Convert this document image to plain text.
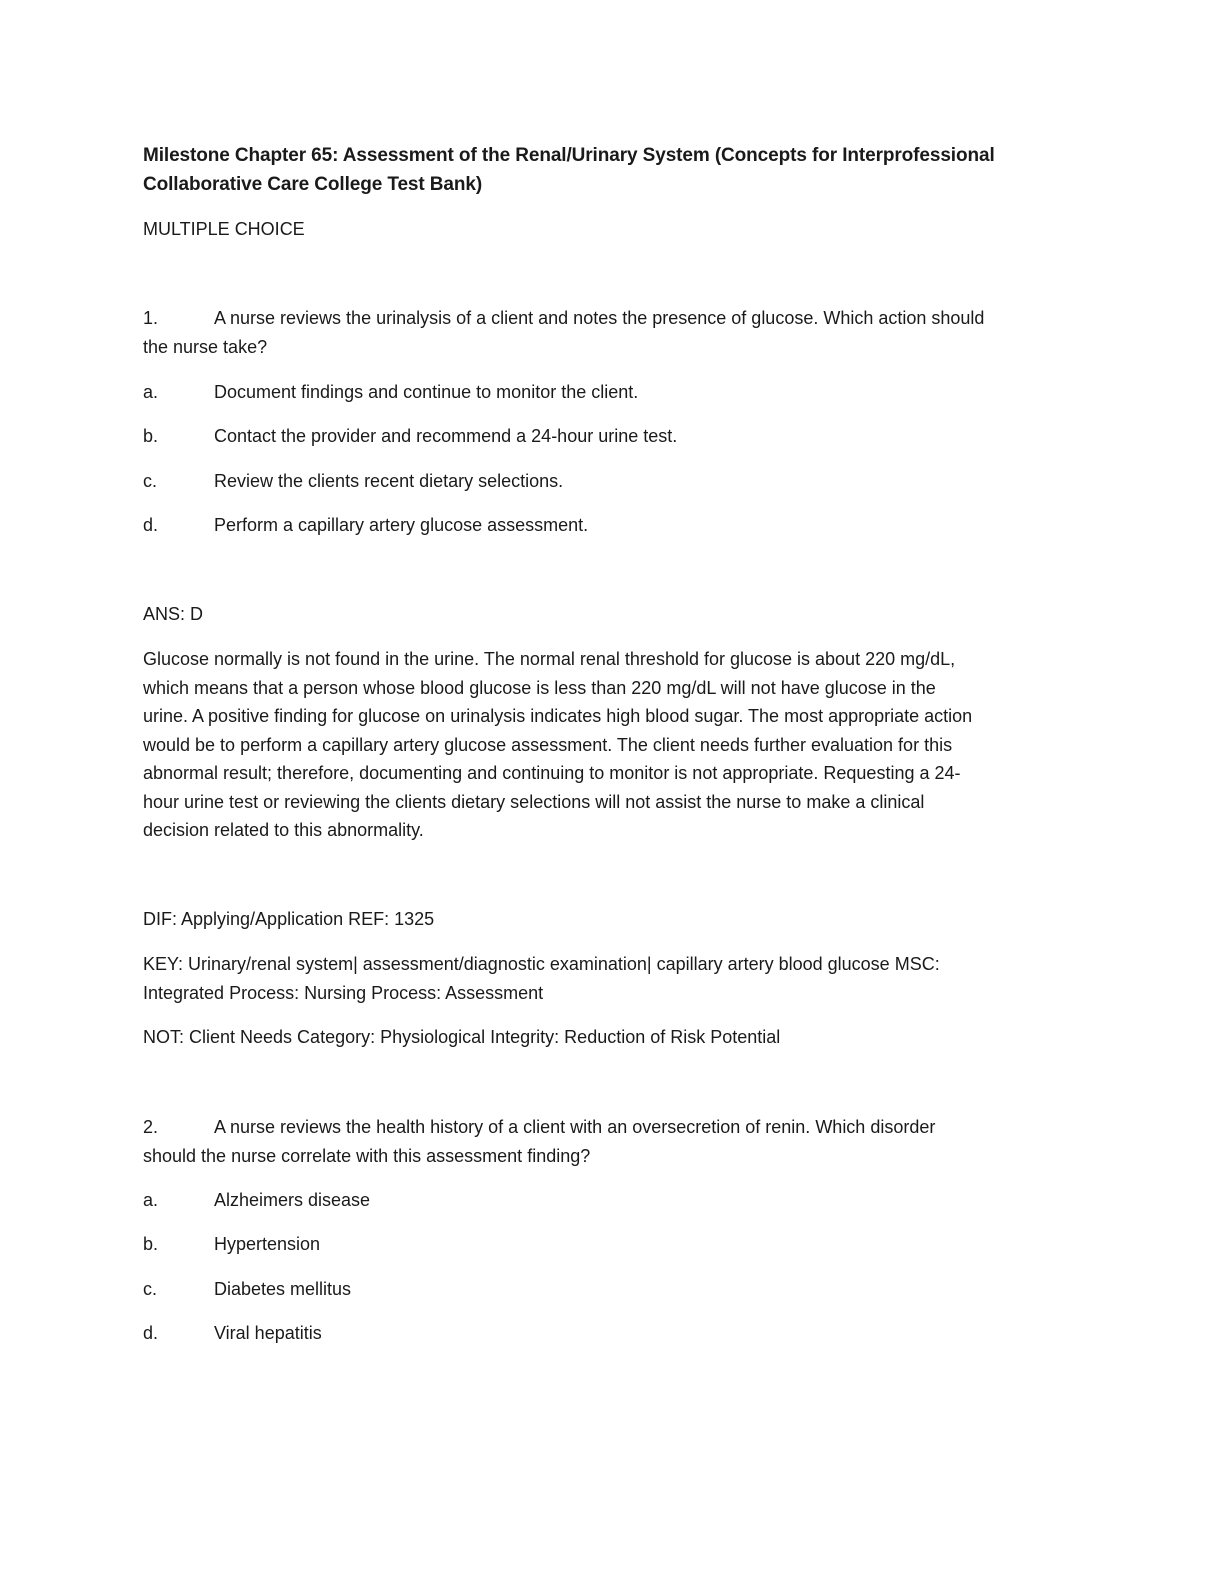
Milestone Chapter 65: Assessment of the Renal/Urinary System (Concepts for Interprofessional
Collaborative Care College Test Bank)
MULTIPLE CHOICE
1.	A nurse reviews the urinalysis of a client and notes the presence of glucose. Which action should
the nurse take?
a.	Document findings and continue to monitor the client.
b.	Contact the provider and recommend a 24-hour urine test.
c.	Review the clients recent dietary selections.
d.	Perform a capillary artery glucose assessment.
ANS: D
Glucose normally is not found in the urine. The normal renal threshold for glucose is about 220 mg/dL,
which means that a person whose blood glucose is less than 220 mg/dL will not have glucose in the
urine. A positive finding for glucose on urinalysis indicates high blood sugar. The most appropriate action
would be to perform a capillary artery glucose assessment. The client needs further evaluation for this
abnormal result; therefore, documenting and continuing to monitor is not appropriate. Requesting a 24-
hour urine test or reviewing the clients dietary selections will not assist the nurse to make a clinical
decision related to this abnormality.
DIF: Applying/Application REF: 1325
KEY: Urinary/renal system| assessment/diagnostic examination| capillary artery blood glucose MSC:
Integrated Process: Nursing Process: Assessment
NOT: Client Needs Category: Physiological Integrity: Reduction of Risk Potential
2.	A nurse reviews the health history of a client with an oversecretion of renin. Which disorder
should the nurse correlate with this assessment finding?
a.	Alzheimers disease
b.	Hypertension
c.	Diabetes mellitus
d.	Viral hepatitis
